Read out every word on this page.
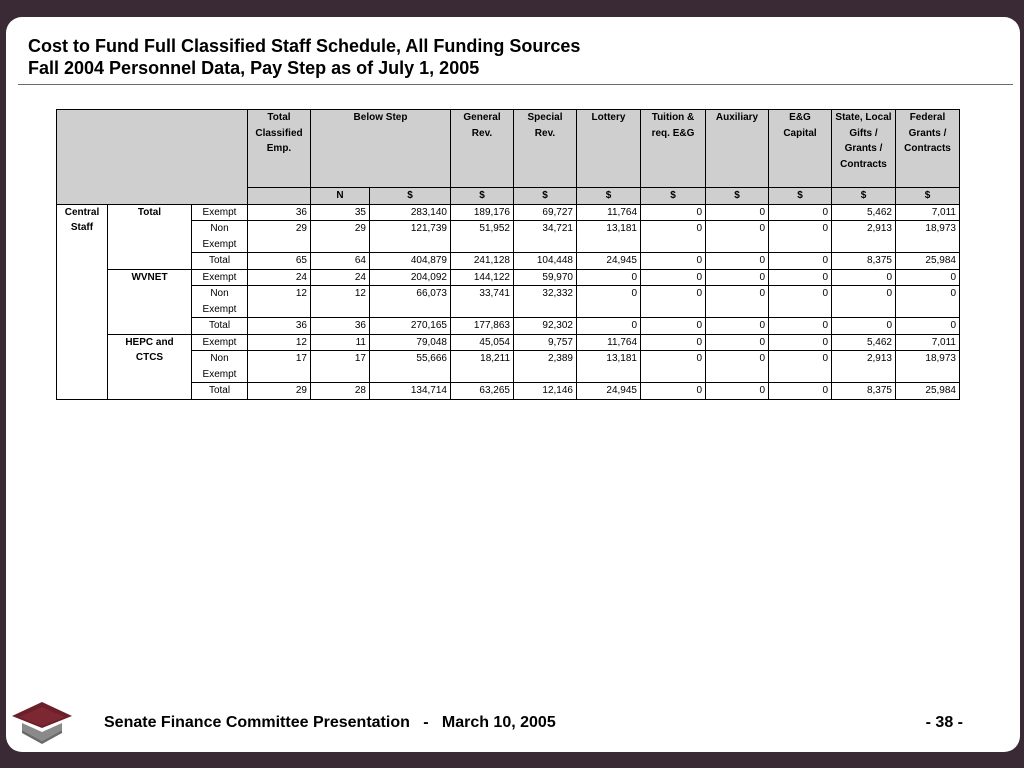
Cost to Fund Full Classified Staff Schedule, All Funding Sources
Fall 2004 Personnel Data, Pay Step as of July 1, 2005
			Total Classified Emp.	Below Step		General Rev.	Special Rev.	Lottery	Tuition & req. E&G	Auxiliary	E&G Capital	State, Local Gifts / Grants / Contracts	Federal Grants / Contracts
				N	$	$	$	$	$	$	$	$	$
Central Staff	Total	Exempt	36	35	283,140	189,176	69,727	11,764	0	0	0	5,462	7,011
		Non Exempt	29	29	121,739	51,952	34,721	13,181	0	0	0	2,913	18,973
		Total	65	64	404,879	241,128	104,448	24,945	0	0	0	8,375	25,984
	WVNET	Exempt	24	24	204,092	144,122	59,970	0	0	0	0	0	0
		Non Exempt	12	12	66,073	33,741	32,332	0	0	0	0	0	0
		Total	36	36	270,165	177,863	92,302	0	0	0	0	0	0
	HEPC and CTCS	Exempt	12	11	79,048	45,054	9,757	11,764	0	0	0	5,462	7,011
		Non Exempt	17	17	55,666	18,211	2,389	13,181	0	0	0	2,913	18,973
		Total	29	28	134,714	63,265	12,146	24,945	0	0	0	8,375	25,984
Senate Finance Committee Presentation   -   March 10, 2005	- 38 -
